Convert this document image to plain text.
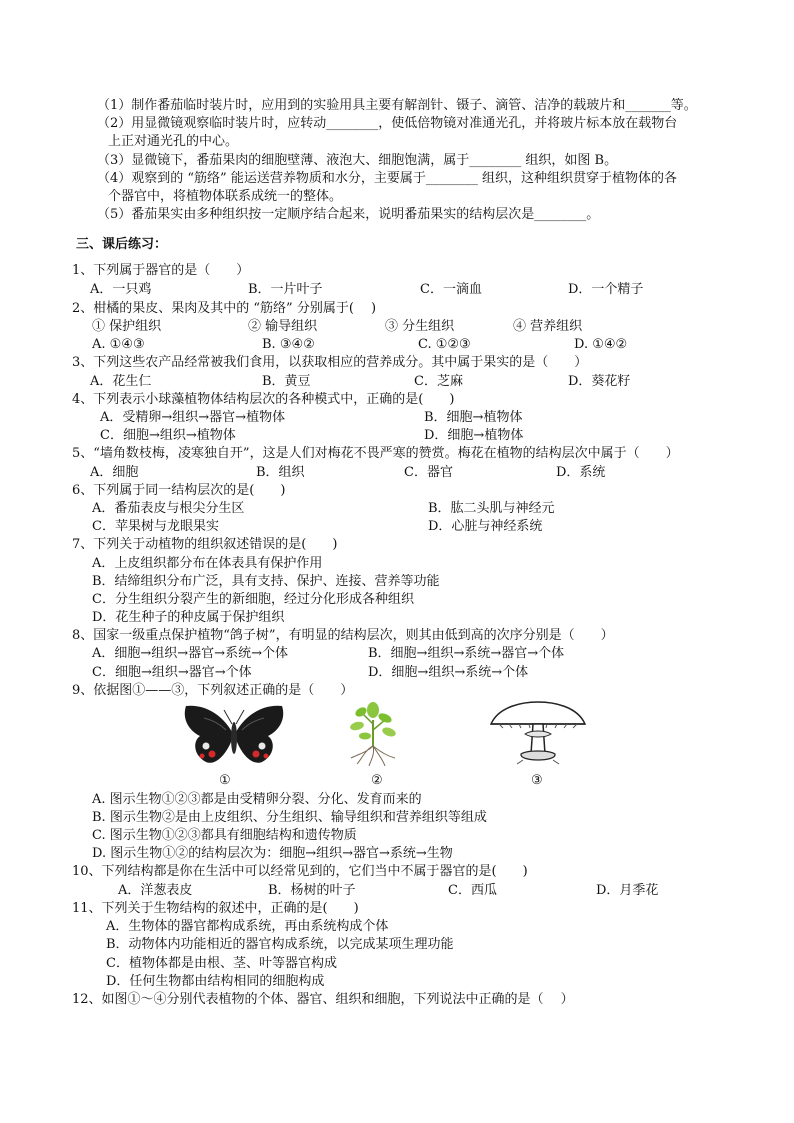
（1）制作番茄临时装片时，应用到的实验用具主要有解剖针、镊子、滴管、洁净的载玻片和_______等。
（2）用显微镜观察临时装片时，应转动________，使低倍物镜对准通光孔，并将玻片标本放在载物台
上正对通光孔的中心。
（3）显微镜下，番茄果肉的细胞壁薄、液泡大、细胞饱满，属于________ 组织，如图 B。
（4）观察到的 “筋络” 能运送营养物质和水分，主要属于________ 组织，这种组织贯穿于植物体的各
个器官中，将植物体联系成统一的整体。
（5）番茄果实由多种组织按一定顺序结合起来，说明番茄果实的结构层次是________。
三、课后练习：
1、下列属于器官的是（　　）
A．一只鸡	B．一片叶子	C．一滴血	D．一个精子
2、柑橘的果皮、果肉及其中的 “筋络” 分别属于(　 )
① 保护组织	② 输导组织	③ 分生组织	④ 营养组织
A. ①④③	B. ③④②	C. ①②③	D. ①④②
3、下列这些农产品经常被我们食用，以获取相应的营养成分。其中属于果实的是（　　）
A．花生仁	B．黄豆	C．芝麻	D．葵花籽
4、下列表示小球藻植物体结构层次的各种模式中，正确的是(　　)
A．受精卵→组织→器官→植物体	B．细胞→植物体
C．细胞→组织→植物体	D．细胞→植物体
5、“墙角数枝梅，凌寒独自开”，这是人们对梅花不畏严寒的赞赏。梅花在植物的结构层次中属于（　　）
A．细胞	B．组织	C．器官	D．系统
6、下列属于同一结构层次的是(　　)
A．番茄表皮与根尖分生区	B．肱二头肌与神经元
C．苹果树与龙眼果实	D．心脏与神经系统
7、下列关于动植物的组织叙述错误的是(　　)
A．上皮组织都分布在体表具有保护作用
B．结缔组织分布广泛，具有支持、保护、连接、营养等功能
C．分生组织分裂产生的新细胞，经过分化形成各种组织
D．花生种子的种皮属于保护组织
8、国家一级重点保护植物“鸽子树”，有明显的结构层次，则其由低到高的次序分别是（　　）
A．细胞→组织→器官→系统→个体	B．细胞→组织→系统→器官→个体
C．细胞→组织→器官→个体	D．细胞→组织→系统→个体
9、依据图①——③，下列叙述正确的是（　　）
①	②	③
A. 图示生物①②③都是由受精卵分裂、分化、发育而来的
B. 图示生物②是由上皮组织、分生组织、输导组织和营养组织等组成
C. 图示生物①②③都具有细胞结构和遗传物质
D. 图示生物①②的结构层次为：细胞→组织→器官→系统→生物
10、下列结构都是你在生活中可以经常见到的，它们当中不属于器官的是(　　)
A．洋葱表皮	B．杨树的叶子	C．西瓜	D．月季花
11、下列关于生物结构的叙述中，正确的是(　　)
A．生物体的器官都构成系统，再由系统构成个体
B．动物体内功能相近的器官构成系统，以完成某项生理功能
C．植物体都是由根、茎、叶等器官构成
D．任何生物都由结构相同的细胞构成
12、如图①～④分别代表植物的个体、器官、组织和细胞，下列说法中正确的是（　 ）
